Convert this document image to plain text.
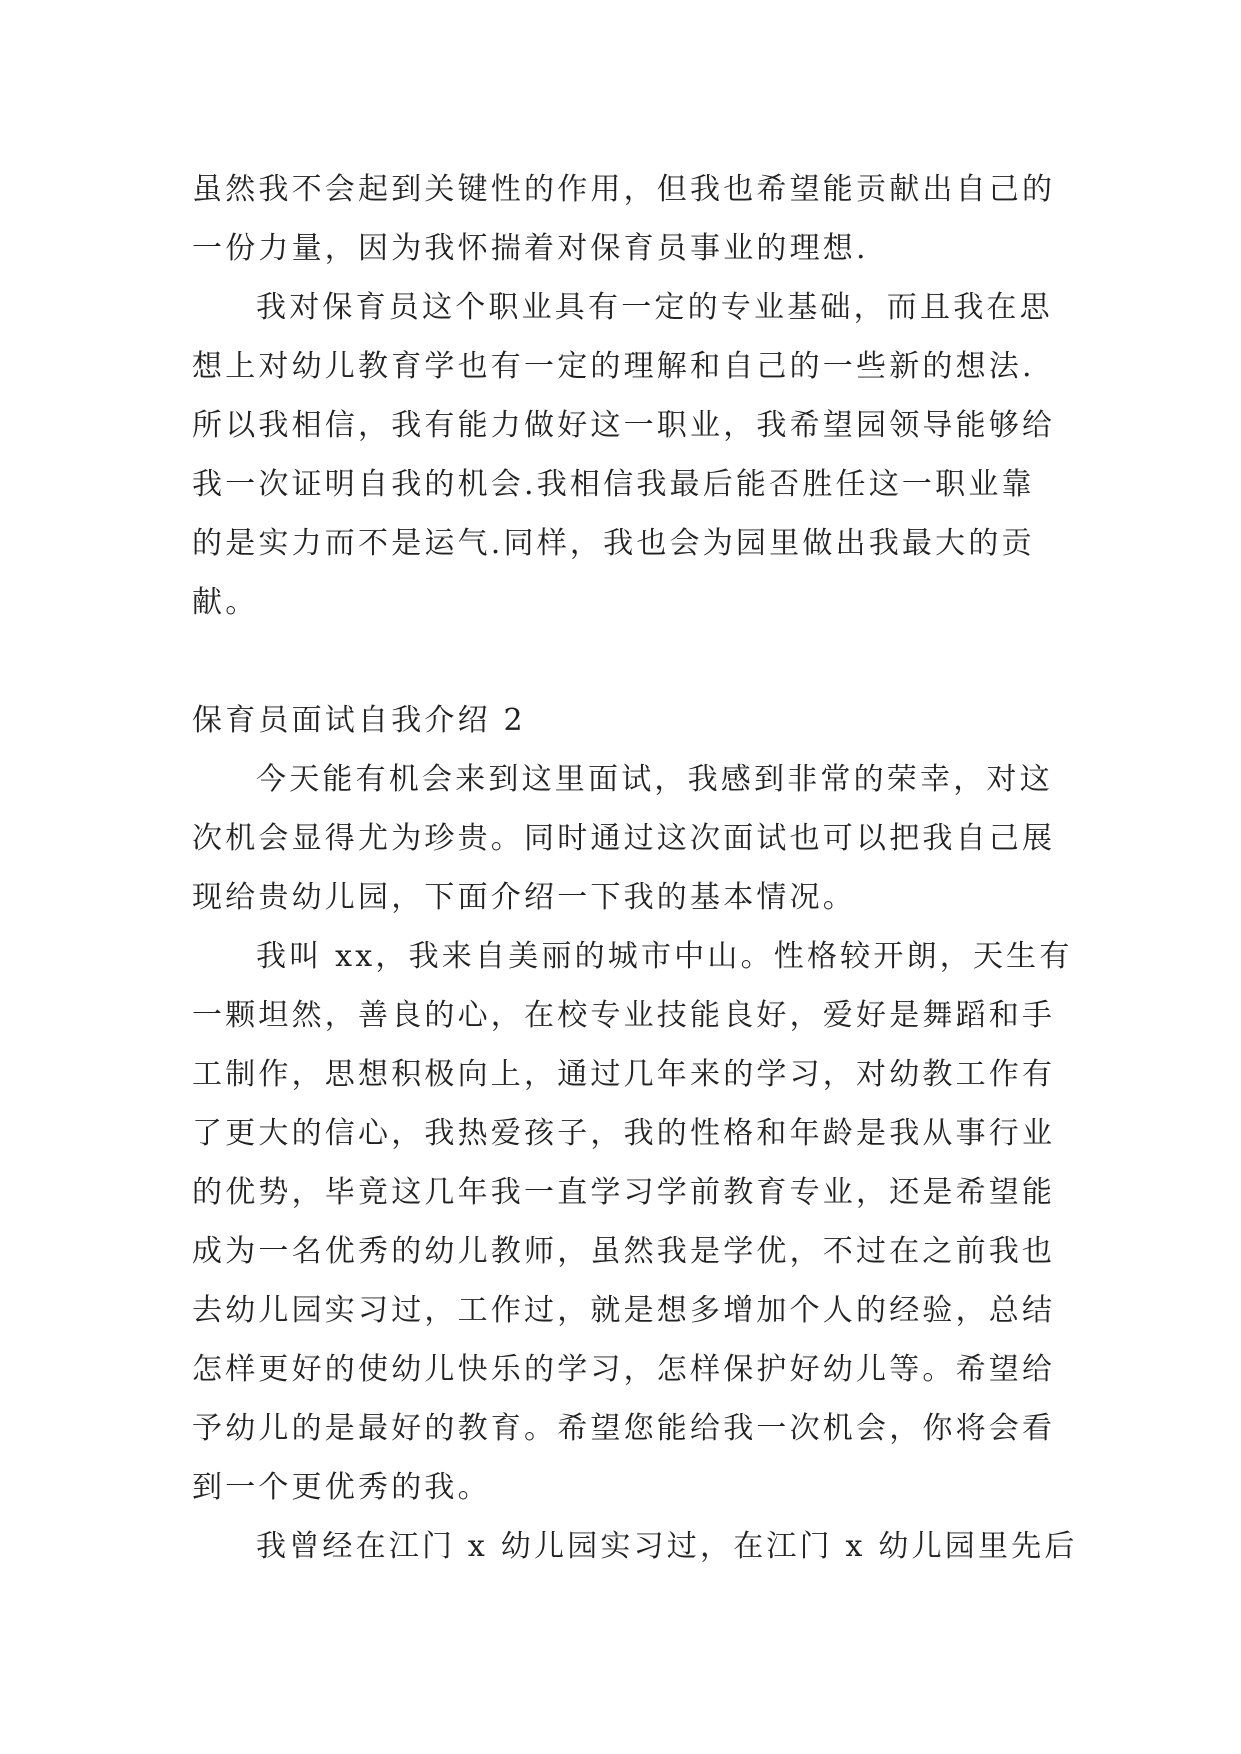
虽然我不会起到关键性的作用，但我也希望能贡献出自己的
一份力量，因为我怀揣着对保育员事业的理想.
我对保育员这个职业具有一定的专业基础，而且我在思
想上对幼儿教育学也有一定的理解和自己的一些新的想法.
所以我相信，我有能力做好这一职业，我希望园领导能够给
我一次证明自我的机会.我相信我最后能否胜任这一职业靠
的是实力而不是运气.同样，我也会为园里做出我最大的贡
献。
保育员面试自我介绍 2
今天能有机会来到这里面试，我感到非常的荣幸，对这
次机会显得尤为珍贵。同时通过这次面试也可以把我自己展
现给贵幼儿园，下面介绍一下我的基本情况。
我叫 xx，我来自美丽的城市中山。性格较开朗，天生有
一颗坦然，善良的心，在校专业技能良好，爱好是舞蹈和手
工制作，思想积极向上，通过几年来的学习，对幼教工作有
了更大的信心，我热爱孩子，我的性格和年龄是我从事行业
的优势，毕竟这几年我一直学习学前教育专业，还是希望能
成为一名优秀的幼儿教师，虽然我是学优，不过在之前我也
去幼儿园实习过，工作过，就是想多增加个人的经验，总结
怎样更好的使幼儿快乐的学习，怎样保护好幼儿等。希望给
予幼儿的是最好的教育。希望您能给我一次机会，你将会看
到一个更优秀的我。
我曾经在江门 x 幼儿园实习过，在江门 x 幼儿园里先后
